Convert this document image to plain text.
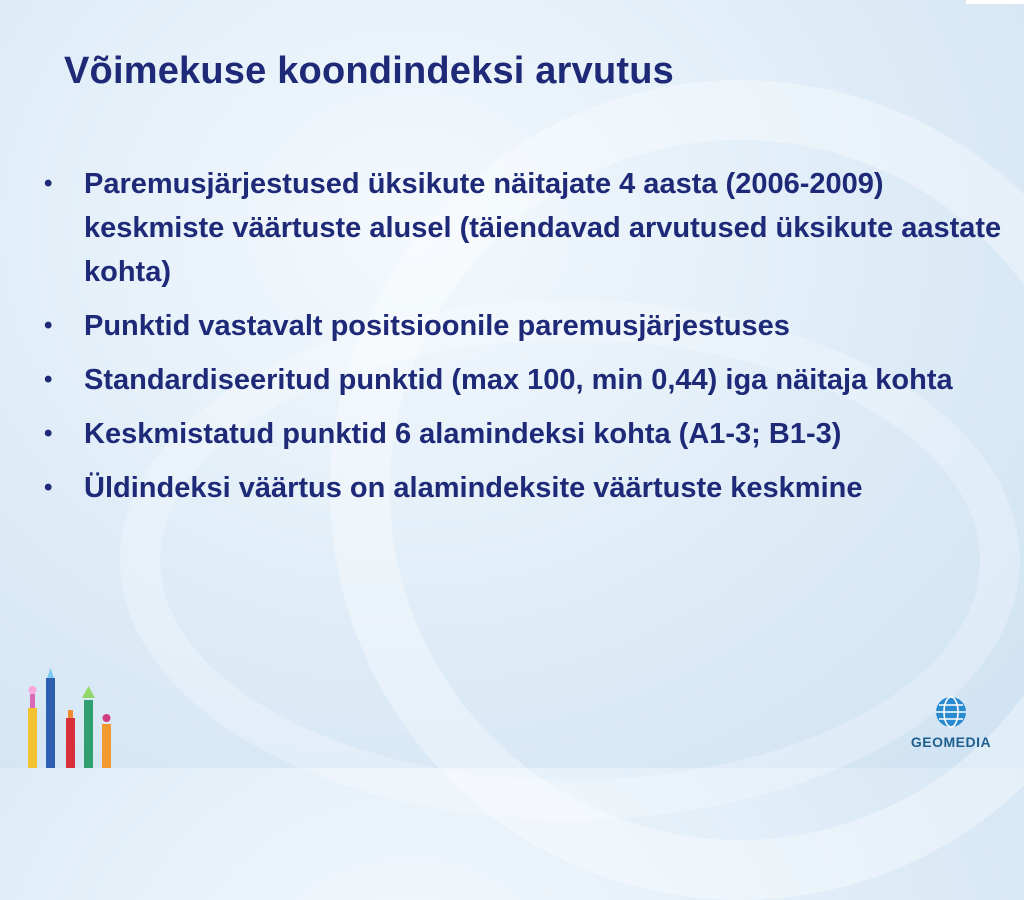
Võimekuse koondindeksi arvutus
• Paremusjärjestused üksikute näitajate 4 aasta (2006-2009) keskmiste väärtuste alusel (täiendavad arvutused üksikute aastate kohta)
• Punktid vastavalt positsioonile paremusjärjestuses
• Standardiseeritud punktid (max 100, min 0,44) iga näitaja kohta
• Keskmistatud punktid 6 alamindeksi kohta (A1-3; B1-3)
• Üldindeksi väärtus on alamindeksite väärtuste keskmine
GEOMEDIA
